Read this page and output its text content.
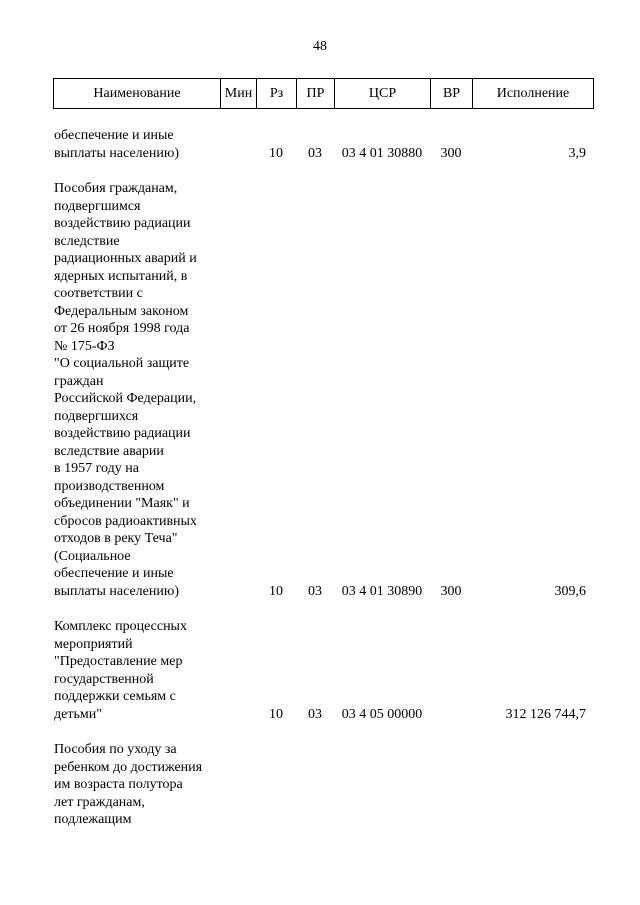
48
Наименование	Мин	Рз	ПР	ЦСР	ВР	Исполнение
обеспечение и иные
выплаты населению)	10	03	03 4 01 30880	300	3,9
Пособия гражданам,
подвергшимся
воздействию радиации
вследствие
радиационных аварий и
ядерных испытаний, в
соответствии с
Федеральным законом
от 26 ноября 1998 года
№ 175-ФЗ
"О социальной защите
граждан
Российской Федерации,
подвергшихся
воздействию радиации
вследствие аварии
в 1957 году на
производственном
объединении "Маяк" и
сбросов радиоактивных
отходов в реку Теча"
(Социальное
обеспечение и иные
выплаты населению)	10	03	03 4 01 30890	300	309,6
Комплекс процессных
мероприятий
"Предоставление мер
государственной
поддержки семьям с
детьми"	10	03	03 4 05 00000	312 126 744,7
Пособия по уходу за
ребенком до достижения
им возраста полутора
лет гражданам,
подлежащим
